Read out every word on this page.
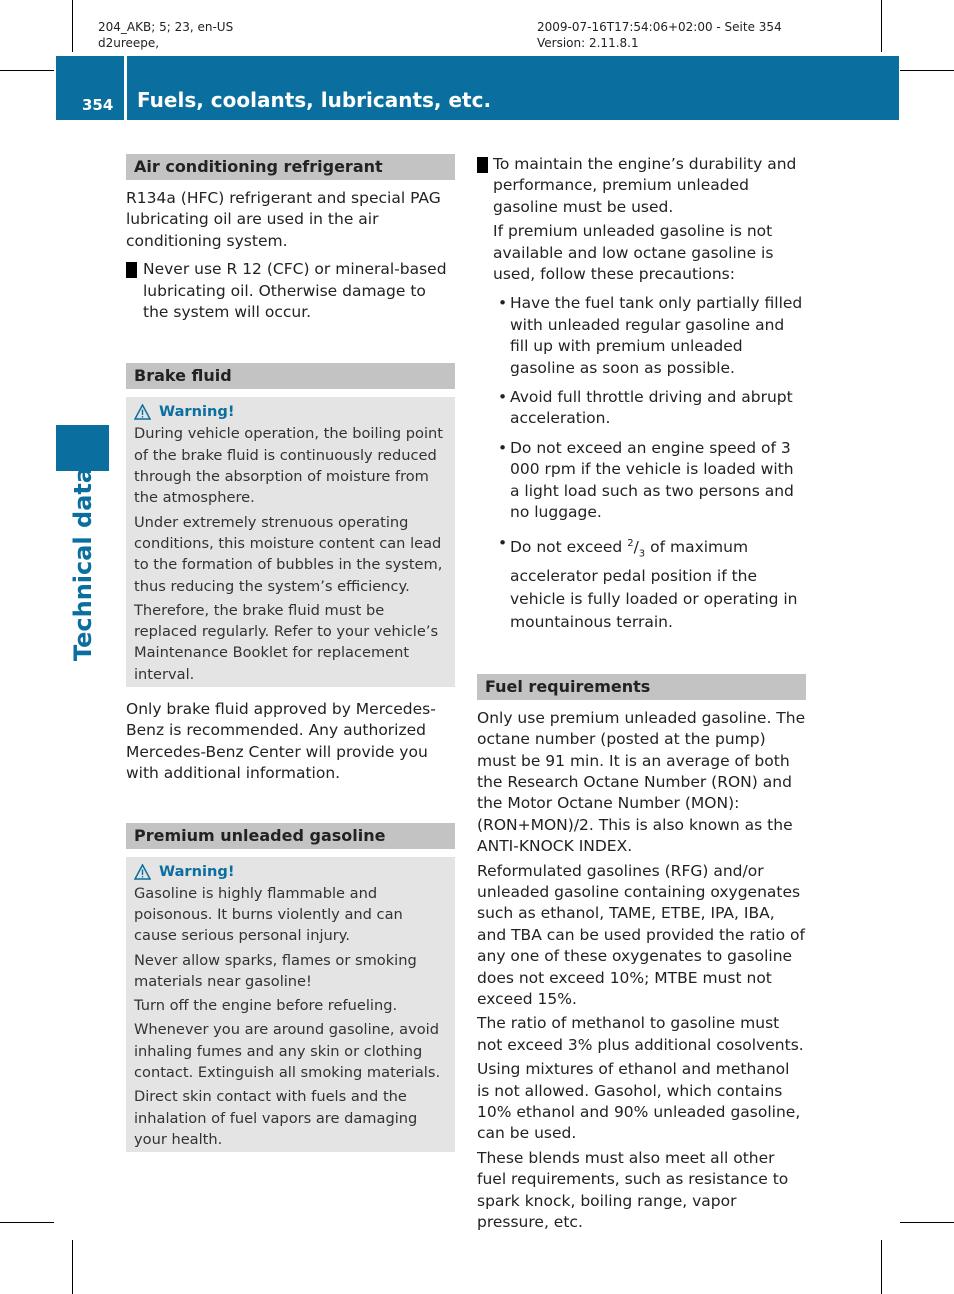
204_AKB; 5; 23, en-US
d2ureepe,
2009-07-16T17:54:06+02:00 - Seite 354
Version: 2.11.8.1
354 Fuels, coolants, lubricants, etc.
Technical data
Air conditioning refrigerant

R134a (HFC) refrigerant and special PAG lubricating oil are used in the air conditioning system.

! Never use R 12 (CFC) or mineral-based lubricating oil. Otherwise damage to the system will occur.

Brake fluid
Warning!

During vehicle operation, the boiling point of the brake fluid is continuously reduced through the absorption of moisture from the atmosphere.

Under extremely strenuous operating conditions, this moisture content can lead to the formation of bubbles in the system, thus reducing the system’s efficiency.

Therefore, the brake fluid must be replaced regularly. Refer to your vehicle’s Maintenance Booklet for replacement interval.

Only brake fluid approved by Mercedes-Benz is recommended. Any authorized Mercedes-Benz Center will provide you with additional information.

Premium unleaded gasoline
Warning!

Gasoline is highly flammable and poisonous. It burns violently and can cause serious personal injury.

Never allow sparks, flames or smoking materials near gasoline!

Turn off the engine before refueling.

Whenever you are around gasoline, avoid inhaling fumes and any skin or clothing contact. Extinguish all smoking materials.

Direct skin contact with fuels and the inhalation of fuel vapors are damaging your health.

! To maintain the engine’s durability and performance, premium unleaded gasoline must be used.

If premium unleaded gasoline is not available and low octane gasoline is used, follow these precautions:

• Have the fuel tank only partially filled with unleaded regular gasoline and fill up with premium unleaded gasoline as soon as possible.
• Avoid full throttle driving and abrupt acceleration.
• Do not exceed an engine speed of 3 000 rpm if the vehicle is loaded with a light load such as two persons and no luggage.
• Do not exceed $^2/_3$ of maximum accelerator pedal position if the vehicle is fully loaded or operating in mountainous terrain.
Fuel requirements

Only use premium unleaded gasoline. The octane number (posted at the pump) must be 91 min. It is an average of both the Research Octane Number (RON) and the Motor Octane Number (MON): (RON+MON)/2. This is also known as the ANTI-KNOCK INDEX.

Reformulated gasolines (RFG) and/or unleaded gasoline containing oxygenates such as ethanol, TAME, ETBE, IPA, IBA, and TBA can be used provided the ratio of any one of these oxygenates to gasoline does not exceed 10%; MTBE must not exceed 15%.

The ratio of methanol to gasoline must not exceed 3% plus additional cosolvents.

Using mixtures of ethanol and methanol is not allowed. Gasohol, which contains 10% ethanol and 90% unleaded gasoline, can be used.

These blends must also meet all other fuel requirements, such as resistance to spark knock, boiling range, vapor pressure, etc.
